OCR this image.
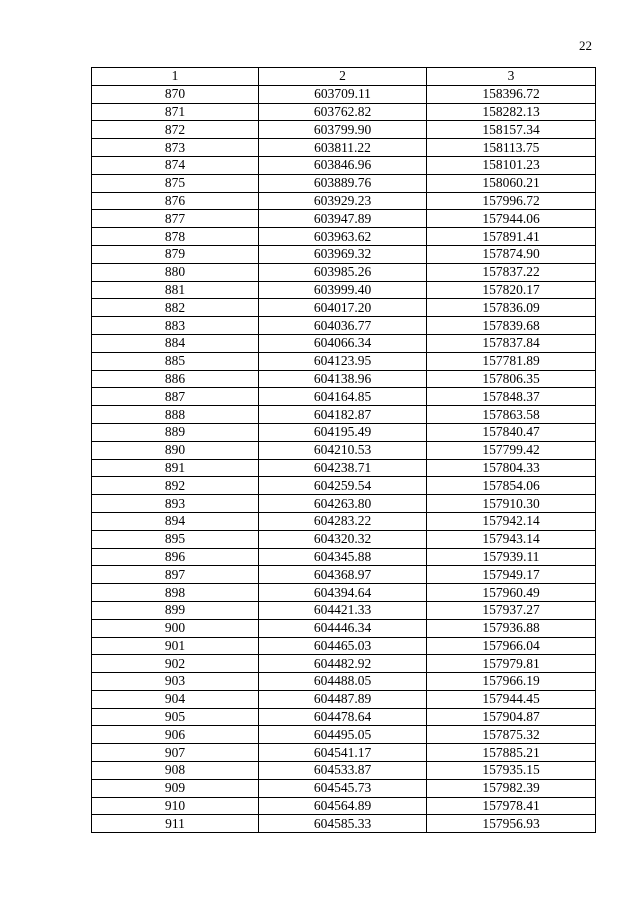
22
1	2	3
870	603709.11	158396.72
871	603762.82	158282.13
872	603799.90	158157.34
873	603811.22	158113.75
874	603846.96	158101.23
875	603889.76	158060.21
876	603929.23	157996.72
877	603947.89	157944.06
878	603963.62	157891.41
879	603969.32	157874.90
880	603985.26	157837.22
881	603999.40	157820.17
882	604017.20	157836.09
883	604036.77	157839.68
884	604066.34	157837.84
885	604123.95	157781.89
886	604138.96	157806.35
887	604164.85	157848.37
888	604182.87	157863.58
889	604195.49	157840.47
890	604210.53	157799.42
891	604238.71	157804.33
892	604259.54	157854.06
893	604263.80	157910.30
894	604283.22	157942.14
895	604320.32	157943.14
896	604345.88	157939.11
897	604368.97	157949.17
898	604394.64	157960.49
899	604421.33	157937.27
900	604446.34	157936.88
901	604465.03	157966.04
902	604482.92	157979.81
903	604488.05	157966.19
904	604487.89	157944.45
905	604478.64	157904.87
906	604495.05	157875.32
907	604541.17	157885.21
908	604533.87	157935.15
909	604545.73	157982.39
910	604564.89	157978.41
911	604585.33	157956.93
